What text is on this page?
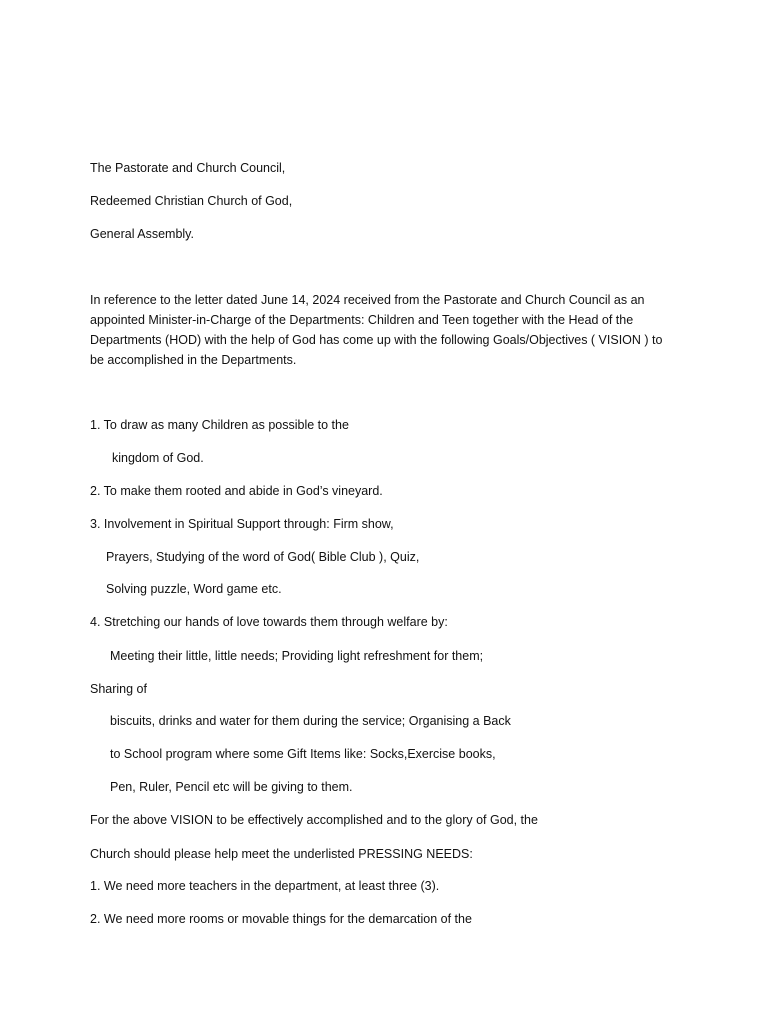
The Pastorate and Church Council,
Redeemed Christian Church of God,
General Assembly.
In reference to the letter dated June 14, 2024 received from the Pastorate and Church Council as an
appointed Minister-in-Charge of the Departments: Children and Teen together with the Head of the
Departments (HOD) with the help of God has come up with the following Goals/Objectives ( VISION ) to
be accomplished in the Departments.
1. To draw as many Children as possible to the
kingdom of God.
2. To make them rooted and abide in God’s vineyard.
3. Involvement in Spiritual Support through: Firm show,
Prayers, Studying of the word of God( Bible Club ), Quiz,
Solving puzzle, Word game etc.
4. Stretching our hands of love towards them through welfare by:
Meeting their little, little needs; Providing light refreshment for them;
Sharing of
biscuits, drinks and water for them during the service; Organising a Back
to School program where some Gift Items like: Socks,Exercise books,
Pen, Ruler, Pencil etc will be giving to them.
For the above VISION to be effectively accomplished and to the glory of God, the
Church should please help meet the underlisted PRESSING NEEDS:
1. We need more teachers in the department, at least three (3).
2. We need more rooms or movable things for the demarcation of the
